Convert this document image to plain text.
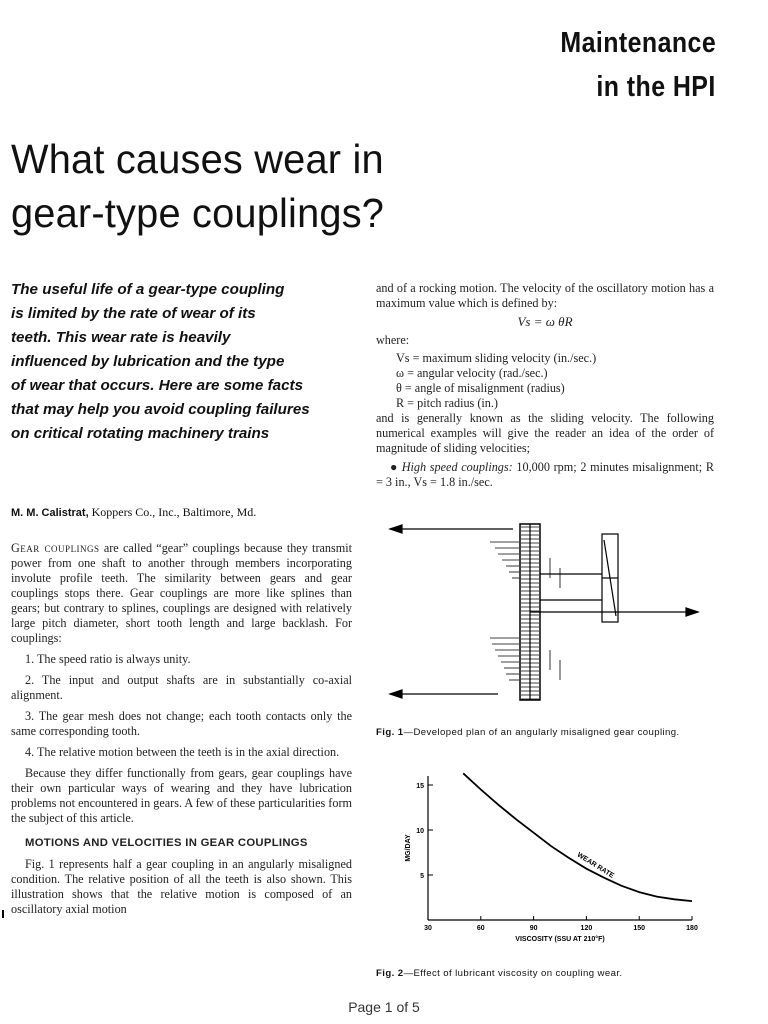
Maintenance
in the HPI
What causes wear in
gear-type couplings?
The useful life of a gear-type coupling
is limited by the rate of wear of its
teeth. This wear rate is heavily
influenced by lubrication and the type
of wear that occurs. Here are some facts
that may help you avoid coupling failures
on critical rotating machinery trains
M. M. Calistrat, Koppers Co., Inc., Baltimore, Md.

Gear couplings are called “gear” couplings because they transmit power from one shaft to another through members incorporating involute profile teeth. The similarity between gears and gear couplings stops there. Gear couplings are more like splines than gears; but contrary to splines, couplings are designed with relatively large pitch diameter, short tooth length and large backlash. For couplings:

1. The speed ratio is always unity.

2. The input and output shafts are in substantially co-axial alignment.

3. The gear mesh does not change; each tooth contacts only the same corresponding tooth.

4. The relative motion between the teeth is in the axial direction.

Because they differ functionally from gears, gear couplings have their own particular ways of wearing and they have lubrication problems not encountered in gears. A few of these particularities form the subject of this article.

MOTIONS AND VELOCITIES IN GEAR COUPLINGS

Fig. 1 represents half a gear coupling in an angularly misaligned condition. The relative position of all the teeth is also shown. This illustration shows that the relative motion is composed of an oscillatory axial motion

and of a rocking motion. The velocity of the oscillatory motion has a maximum value which is defined by:

Vs = ω θR
where:
Vs = maximum sliding velocity (in./sec.)
ω = angular velocity (rad./sec.)
θ = angle of misalignment (radius)
R = pitch radius (in.)

and is generally known as the sliding velocity. The following numerical examples will give the reader an idea of the order of magnitude of sliding velocities;

● High speed couplings: 10,000 rpm; 2 minutes misalignment; R = 3 in., Vs = 1.8 in./sec.

Fig. 1—Developed plan of an angularly misaligned gear coupling.
5
10
15
30	60	90	120	150	180
VISCOSITY (SSU AT 210°F)
MG/DAY
WEAR RATE
Fig. 2—Effect of lubricant viscosity on coupling wear.
Page 1 of 5
